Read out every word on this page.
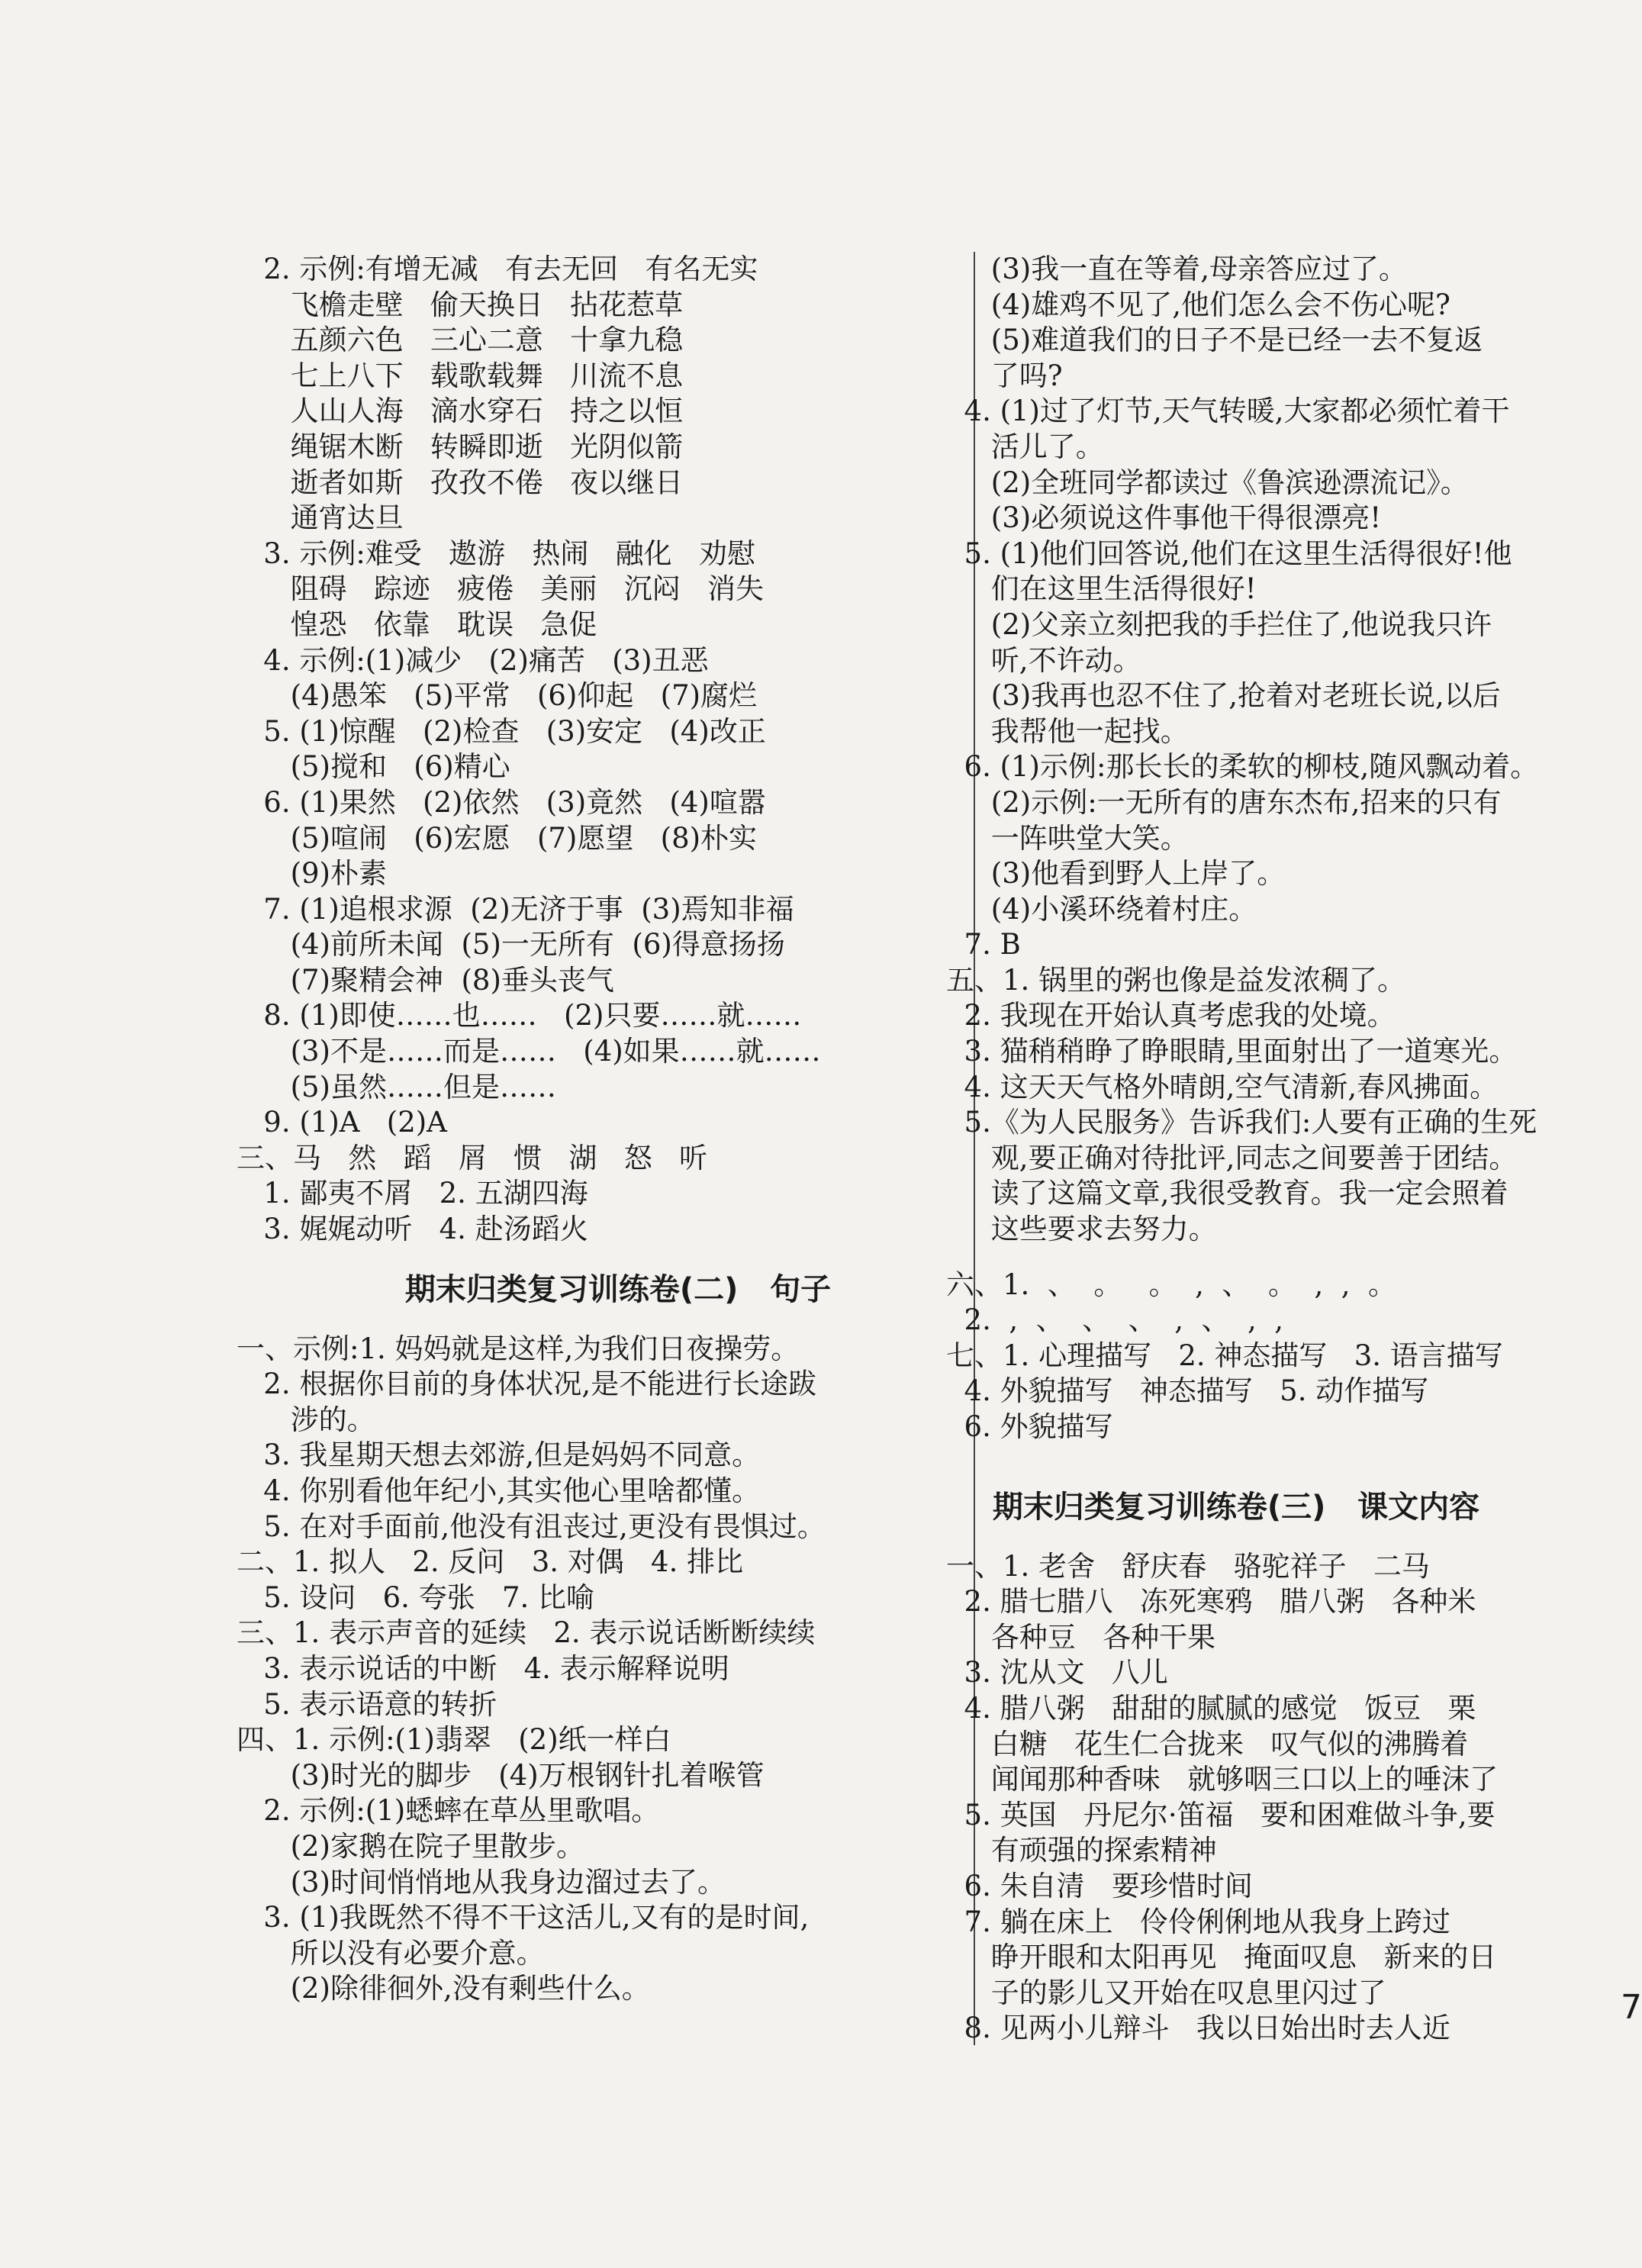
2. 示例:有增无减   有去无回   有名无实
飞檐走壁   偷天换日   拈花惹草
五颜六色   三心二意   十拿九稳
七上八下   载歌载舞   川流不息
人山人海   滴水穿石   持之以恒
绳锯木断   转瞬即逝   光阴似箭
逝者如斯   孜孜不倦   夜以继日
通宵达旦
3. 示例:难受   遨游   热闹   融化   劝慰
阻碍   踪迹   疲倦   美丽   沉闷   消失
惶恐   依靠   耽误   急促
4. 示例:(1)减少   (2)痛苦   (3)丑恶
(4)愚笨   (5)平常   (6)仰起   (7)腐烂
5. (1)惊醒   (2)检查   (3)安定   (4)改正
(5)搅和   (6)精心
6. (1)果然   (2)依然   (3)竟然   (4)喧嚣
(5)喧闹   (6)宏愿   (7)愿望   (8)朴实
(9)朴素
7. (1)追根求源  (2)无济于事  (3)焉知非福
(4)前所未闻  (5)一无所有  (6)得意扬扬
(7)聚精会神  (8)垂头丧气
8. (1)即使……也……   (2)只要……就……
(3)不是……而是……   (4)如果……就……
(5)虽然……但是……
9. (1)A   (2)A
三、马   然   蹈   屑   惯   湖   怒   听
1. 鄙夷不屑   2. 五湖四海
3. 娓娓动听   4. 赴汤蹈火
期末归类复习训练卷(二)   句子
一、示例:1. 妈妈就是这样,为我们日夜操劳。
2. 根据你目前的身体状况,是不能进行长途跋
涉的。
3. 我星期天想去郊游,但是妈妈不同意。
4. 你别看他年纪小,其实他心里啥都懂。
5. 在对手面前,他没有沮丧过,更没有畏惧过。
二、1. 拟人   2. 反问   3. 对偶   4. 排比
5. 设问   6. 夸张   7. 比喻
三、1. 表示声音的延续   2. 表示说话断断续续
3. 表示说话的中断   4. 表示解释说明
5. 表示语意的转折
四、1. 示例:(1)翡翠   (2)纸一样白
(3)时光的脚步   (4)万根钢针扎着喉管
2. 示例:(1)蟋蟀在草丛里歌唱。
(2)家鹅在院子里散步。
(3)时间悄悄地从我身边溜过去了。
3. (1)我既然不得不干这活儿,又有的是时间,
所以没有必要介意。
(2)除徘徊外,没有剩些什么。
(3)我一直在等着,母亲答应过了。
(4)雄鸡不见了,他们怎么会不伤心呢?
(5)难道我们的日子不是已经一去不复返
了吗?
4. (1)过了灯节,天气转暖,大家都必须忙着干
活儿了。
(2)全班同学都读过《鲁滨逊漂流记》。
(3)必须说这件事他干得很漂亮!
5. (1)他们回答说,他们在这里生活得很好!他
们在这里生活得很好!
(2)父亲立刻把我的手拦住了,他说我只许
听,不许动。
(3)我再也忍不住了,抢着对老班长说,以后
我帮他一起找。
6. (1)示例:那长长的柔软的柳枝,随风飘动着。
(2)示例:一无所有的唐东杰布,招来的只有
一阵哄堂大笑。
(3)他看到野人上岸了。
(4)小溪环绕着村庄。
7. B
五、1. 锅里的粥也像是益发浓稠了。
2. 我现在开始认真考虑我的处境。
3. 猫稍稍睁了睁眼睛,里面射出了一道寒光。
4. 这天天气格外晴朗,空气清新,春风拂面。
5.《为人民服务》告诉我们:人要有正确的生死
观,要正确对待批评,同志之间要善于团结。
读了这篇文章,我很受教育。我一定会照着
这些要求去努力。
六、1.  、  。   。  ,  、  。  ,  ,  。
2.  ,  、  、  、  ,  、  ,  ,
七、1. 心理描写   2. 神态描写   3. 语言描写
4. 外貌描写   神态描写   5. 动作描写
6. 外貌描写
期末归类复习训练卷(三)   课文内容
一、1. 老舍   舒庆春   骆驼祥子   二马
2. 腊七腊八   冻死寒鸦   腊八粥   各种米
各种豆   各种干果
3. 沈从文   八儿
4. 腊八粥   甜甜的腻腻的感觉   饭豆   栗
白糖   花生仁合拢来   叹气似的沸腾着
闻闻那种香味   就够咽三口以上的唾沫了
5. 英国   丹尼尔·笛福   要和困难做斗争,要
有顽强的探索精神
6. 朱自清   要珍惜时间
7. 躺在床上   伶伶俐俐地从我身上跨过
睁开眼和太阳再见   掩面叹息   新来的日
子的影儿又开始在叹息里闪过了
8. 见两小儿辩斗   我以日始出时去人近
7
